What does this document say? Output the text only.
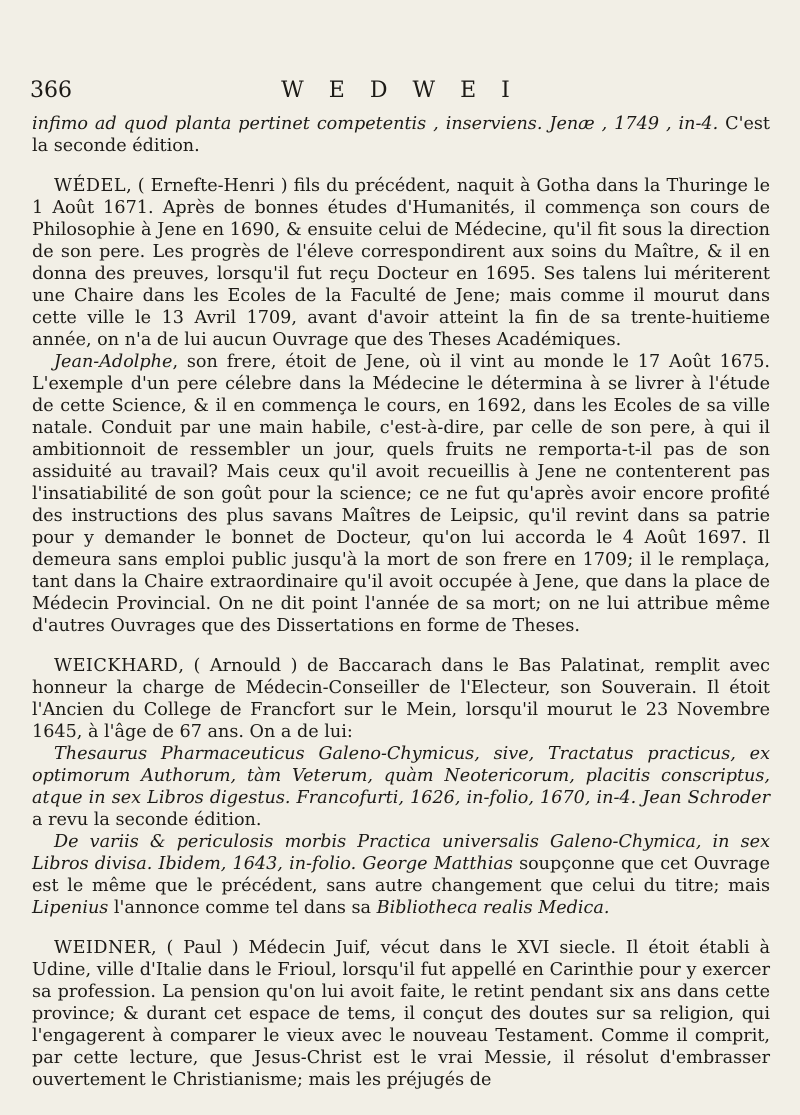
366	W E D W E I

infimo ad quod planta pertinet competentis , inserviens. Jenæ , 1749 , in-4. C'est la seconde édition.

WÉDEL, ( Ernefte-Henri ) fils du précédent, naquit à Gotha dans la Thuringe le 1 Août 1671. Après de bonnes études d'Humanités, il commença son cours de Philosophie à Jene en 1690, & ensuite celui de Médecine, qu'il fit sous la direction de son pere. Les progrès de l'éleve correspondirent aux soins du Maître, & il en donna des preuves, lorsqu'il fut reçu Docteur en 1695. Ses talens lui mériterent une Chaire dans les Ecoles de la Faculté de Jene; mais comme il mourut dans cette ville le 13 Avril 1709, avant d'avoir atteint la fin de sa trente-huitieme année, on n'a de lui aucun Ouvrage que des Theses Académiques.

Jean-Adolphe, son frere, étoit de Jene, où il vint au monde le 17 Août 1675. L'exemple d'un pere célebre dans la Médecine le détermina à se livrer à l'étude de cette Science, & il en commença le cours, en 1692, dans les Ecoles de sa ville natale. Conduit par une main habile, c'est-à-dire, par celle de son pere, à qui il ambitionnoit de ressembler un jour, quels fruits ne remporta-t-il pas de son assiduité au travail? Mais ceux qu'il avoit recueillis à Jene ne contenterent pas l'insatiabilité de son goût pour la science; ce ne fut qu'après avoir encore profité des instructions des plus savans Maîtres de Leipsic, qu'il revint dans sa patrie pour y demander le bonnet de Docteur, qu'on lui accorda le 4 Août 1697. Il demeura sans emploi public jusqu'à la mort de son frere en 1709; il le remplaça, tant dans la Chaire extraordinaire qu'il avoit occupée à Jene, que dans la place de Médecin Provincial. On ne dit point l'année de sa mort; on ne lui attribue même d'autres Ouvrages que des Dissertations en forme de Theses.

WEICKHARD, ( Arnould ) de Baccarach dans le Bas Palatinat, remplit avec honneur la charge de Médecin-Conseiller de l'Electeur, son Souverain. Il étoit l'Ancien du College de Francfort sur le Mein, lorsqu'il mourut le 23 Novembre 1645, à l'âge de 67 ans. On a de lui:

Thesaurus Pharmaceuticus Galeno-Chymicus, sive, Tractatus practicus, ex optimorum Authorum, tàm Veterum, quàm Neotericorum, placitis conscriptus, atque in sex Libros digestus. Francofurti, 1626, in-folio, 1670, in-4. Jean Schroder a revu la seconde édition.

De variis & periculosis morbis Practica universalis Galeno-Chymica, in sex Libros divisa. Ibidem, 1643, in-folio. George Matthias soupçonne que cet Ouvrage est le même que le précédent, sans autre changement que celui du titre; mais Lipenius l'annonce comme tel dans sa Bibliotheca realis Medica.

WEIDNER, ( Paul ) Médecin Juif, vécut dans le XVI siecle. Il étoit établi à Udine, ville d'Italie dans le Frioul, lorsqu'il fut appellé en Carinthie pour y exercer sa profession. La pension qu'on lui avoit faite, le retint pendant six ans dans cette province; & durant cet espace de tems, il conçut des doutes sur sa religion, qui l'engagerent à comparer le vieux avec le nouveau Testament. Comme il comprit, par cette lecture, que Jesus-Christ est le vrai Messie, il résolut d'embrasser ouvertement le Christianisme; mais les préjugés de
